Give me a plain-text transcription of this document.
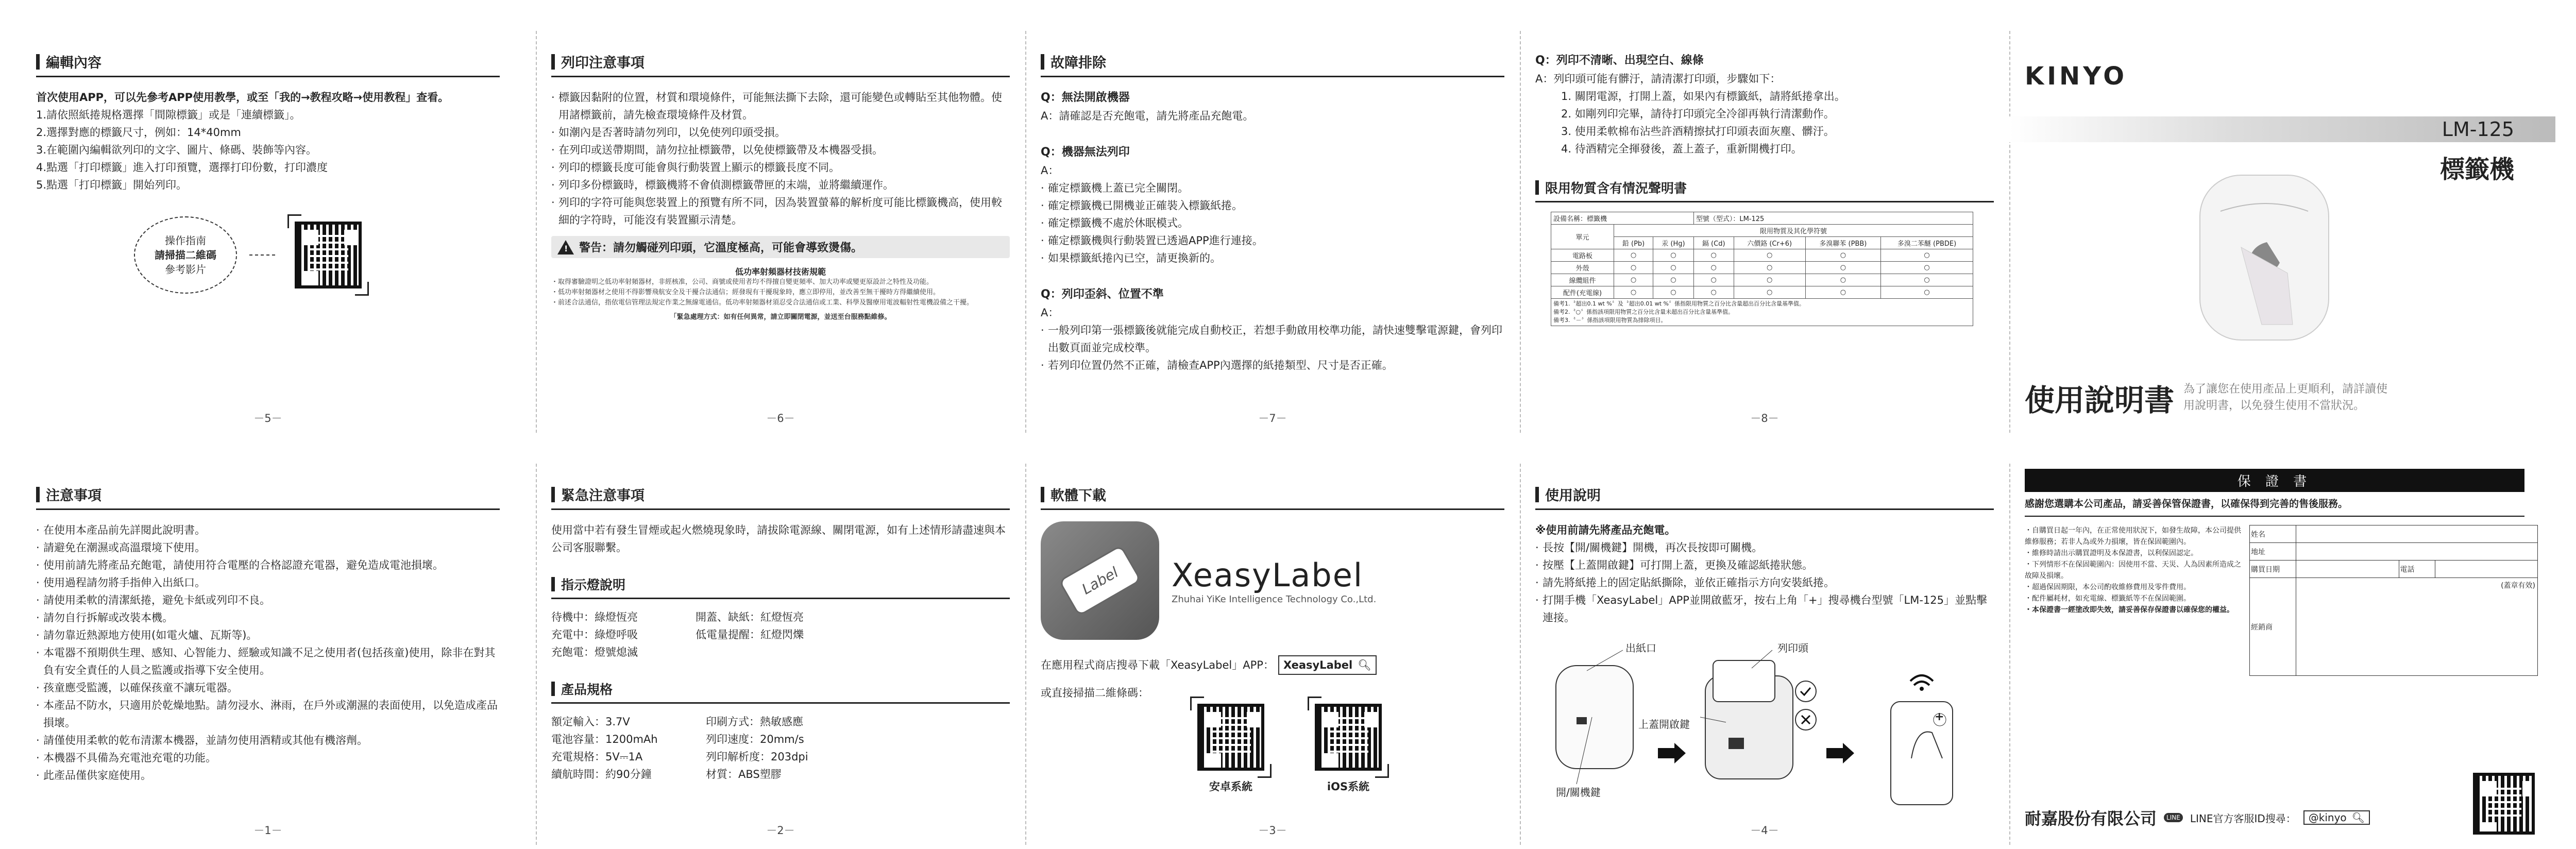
編輯內容
首次使用APP，可以先參考APP使用教學，或至「我的→教程攻略→使用教程」查看。
1.請依照紙捲規格選擇「間隙標籤」或是「連續標籤」。
2.選擇對應的標籤尺寸，例如：14*40mm
3.在範圍內編輯欲列印的文字、圖片、條碼、裝飾等內容。
4.點選「打印標籤」進入打印預覽，選擇打印份數，打印濃度
5.點選「打印標籤」開始列印。
操作指南
請掃描二維碼
參考影片
－5－
列印注意事項
· 標籤因黏附的位置，材質和環境條件，可能無法撕下去除，還可能變色或轉貼至其他物體。使用諸標籤前，請先檢查環境條件及材質。
· 如潮內是否著時請勿列印，以免使列印頭受損。
· 在列印或送帶期間，請勿拉扯標籤帶，以免使標籤帶及本機器受損。
· 列印的標籤長度可能會與行動裝置上顯示的標籤長度不同。
· 列印多份標籤時，標籤機將不會偵測標籤帶匣的末端，並將繼續運作。
· 列印的字符可能與您裝置上的預覽有所不同，因為裝置螢幕的解析度可能比標籤機高，使用較細的字符時，可能沒有裝置顯示清楚。
! 警告：請勿觸碰列印頭，它溫度極高，可能會導致燙傷。
低功率射頻器材技術規範
・取得審驗證明之低功率射頻器材，非經核准，公司、商號或使用者均不得擅自變更頻率、加大功率或變更原設計之特性及功能。
・低功率射頻器材之使用不得影響飛航安全及干擾合法通信；經發現有干擾現象時，應立即停用，並改善至無干擾時方得繼續使用。
・前述合法通信，指依電信管理法規定作業之無線電通信。低功率射頻器材須忍受合法通信或工業、科學及醫療用電波輻射性電機設備之干擾。
「緊急處理方式：如有任何異常，請立即關閉電源，並送至台服務點維修。
－6－
故障排除
Q：無法開啟機器
A：請確認是否充飽電，請先將產品充飽電。
Q：機器無法列印
A：
· 確定標籤機上蓋已完全關閉。
· 確定標籤機已開機並正確裝入標籤紙捲。
· 確定標籤機不處於休眠模式。
· 確定標籤機與行動裝置已透過APP進行連接。
· 如果標籤紙捲內已空，請更換新的。
Q：列印歪斜、位置不準
A：
· 一般列印第一張標籤後就能完成自動校正，若想手動啟用校準功能，請快速雙擊電源鍵，會列印出數頁面並完成校準。
· 若列印位置仍然不正確，請檢查APP內選擇的紙捲類型、尺寸是否正確。
－7－
Q：列印不清晰、出現空白、線條
A：列印頭可能有髒汙，請清潔打印頭，步驟如下：
1. 關閉電源，打開上蓋，如果內有標籤紙，請將紙捲拿出。
2. 如剛列印完畢，請待打印頭完全冷卻再執行清潔動作。
3. 使用柔軟棉布沾些許酒精擦拭打印頭表面灰塵、髒汙。
4. 待酒精完全揮發後，蓋上蓋子，重新開機打印。
限用物質含有情況聲明書
設備名稱：標籤機			型號（型式）：LM-125			
單元	限用物質及其化學符號					
	鉛 (Pb)	汞 (Hg)	鎘 (Cd)	六價鉻 (Cr+6)	多溴聯苯 (PBB)	多溴二苯醚 (PBDE)
電路板	○	○	○	○	○	○
外殼	○	○	○	○	○	○
線纜組件	○	○	○	○	○	○
配件(充電線)	○	○	○	○	○	○

備考1.〝超出0.1 wt %〞及〝超出0.01 wt %〞係指限用物質之百分比含量超出百分比含量基準值。
備考2.〝○〞係指該項限用物質之百分比含量未超出百分比含量基準值。
備考3.〝－〞係指該項限用物質為排除項目。						
－8－
KINYO
LM-125
標籤機
使用說明書 為了讓您在使用產品上更順利，請詳讀使用說明書，以免發生使用不當狀況。
注意事項
· 在使用本產品前先詳閱此說明書。
· 請避免在潮濕或高溫環境下使用。
· 使用前請先將產品充飽電，請使用符合電壓的合格認證充電器，避免造成電池損壞。
· 使用過程請勿將手指伸入出紙口。
· 請使用柔軟的清潔紙捲，避免卡紙或列印不良。
· 請勿自行拆解或改裝本機。
· 請勿靠近熱源地方使用(如電火爐、瓦斯等)。
· 本電器不預期供生理、感知、心智能力、經驗或知識不足之使用者(包括孩童)使用，除非在對其負有安全責任的人員之監護或指導下安全使用。
· 孩童應受監護，以確保孩童不讓玩電器。
· 本產品不防水，只適用於乾燥地點。請勿浸水、淋雨，在戶外或潮濕的表面使用，以免造成產品損壞。
· 請僅使用柔軟的乾布清潔本機器，並請勿使用酒精或其他有機溶劑。
· 本機器不具備為充電池充電的功能。
· 此產品僅供家庭使用。
－1－
緊急注意事項
使用當中若有發生冒煙或起火燃燒現象時，請拔除電源線、關閉電源，如有上述情形請盡速與本公司客服聯繫。
指示燈說明
待機中：綠燈恆亮	開蓋、缺紙：紅燈恆亮
充電中：綠燈呼吸	低電量提醒：紅燈閃爍
充飽電：燈號熄滅
產品規格
額定輸入：3.7V	印刷方式：熱敏感應
電池容量：1200mAh	列印速度：20mm/s
充電規格：5V⎓1A	列印解析度：203dpi
續航時間：約90分鐘	材質：ABS塑膠
－2－
軟體下載
Label	XeasyLabel
Zhuhai YiKe Intelligence Technology Co.,Ltd.
在應用程式商店搜尋下載「XeasyLabel」APP： XeasyLabel 🔍︎
或直接掃描二維條碼：
安卓系統	iOS系統
－3－
使用說明
※使用前請先將產品充飽電。
· 長按【開/關機鍵】開機，再次長按即可關機。
· 按壓【上蓋開啟鍵】可打開上蓋，更換及確認紙捲狀態。
· 請先將紙捲上的固定貼紙撕除，並依正確指示方向安裝紙捲。
· 打開手機「XeasyLabel」APP並開啟藍牙，按右上角「+」搜尋機台型號「LM-125」並點擊連接。
出紙口	列印頭
上蓋開啟鍵
開/關機鍵
+
－4－
保 證 書
感謝您選購本公司產品，請妥善保管保證書，以確保得到完善的售後服務。
・自購買日起一年內，在正常使用狀況下，如發生故障，本公司提供維修服務；若非人為或外力損壞，皆在保固範圍內。
・維修時請出示購買證明及本保證書，以利保固認定。
・下列情形不在保固範圍內：因使用不當、天災、人為因素所造成之故障及損壞。
・超過保固期限，本公司酌收維修費用及零件費用。
・配件屬耗材，如充電線、標籤紙等不在保固範圍。
・本保證書一經塗改即失效，請妥善保存保證書以確保您的權益。
姓名			
地址			
購買日期		電話	
經銷商	(蓋章有效)		
耐嘉股份有限公司	LINE LINE官方客服ID搜尋： @kinyo 🔍︎
